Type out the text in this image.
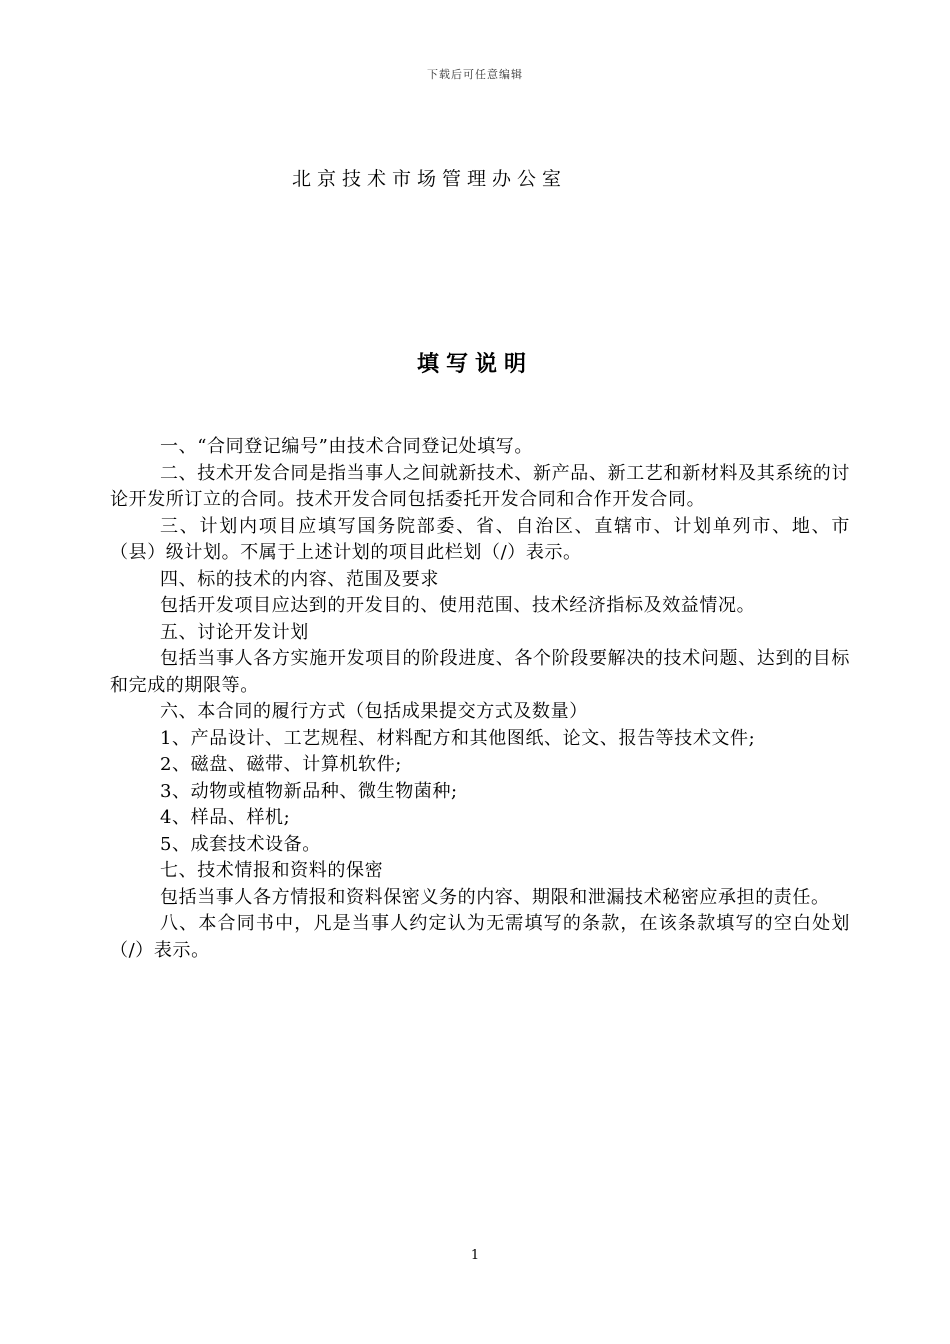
下载后可任意编辑
北京技术市场管理办公室
填写说明

一、“合同登记编号”由技术合同登记处填写。

二、技术开发合同是指当事人之间就新技术、新产品、新工艺和新材料及其系统的讨论开发所订立的合同。技术开发合同包括委托开发合同和合作开发合同。

三、计划内项目应填写国务院部委、省、自治区、直辖市、计划单列市、地、市（县）级计划。不属于上述计划的项目此栏划（/）表示。

四、标的技术的内容、范围及要求

包括开发项目应达到的开发目的、使用范围、技术经济指标及效益情况。

五、讨论开发计划

包括当事人各方实施开发项目的阶段进度、各个阶段要解决的技术问题、达到的目标和完成的期限等。

六、本合同的履行方式（包括成果提交方式及数量）

1、产品设计、工艺规程、材料配方和其他图纸、论文、报告等技术文件;

2、磁盘、磁带、计算机软件;

3、动物或植物新品种、微生物菌种;

4、样品、样机;

5、成套技术设备。

七、技术情报和资料的保密

包括当事人各方情报和资料保密义务的内容、期限和泄漏技术秘密应承担的责任。

八、本合同书中，凡是当事人约定认为无需填写的条款，在该条款填写的空白处划（/）表示。

1
